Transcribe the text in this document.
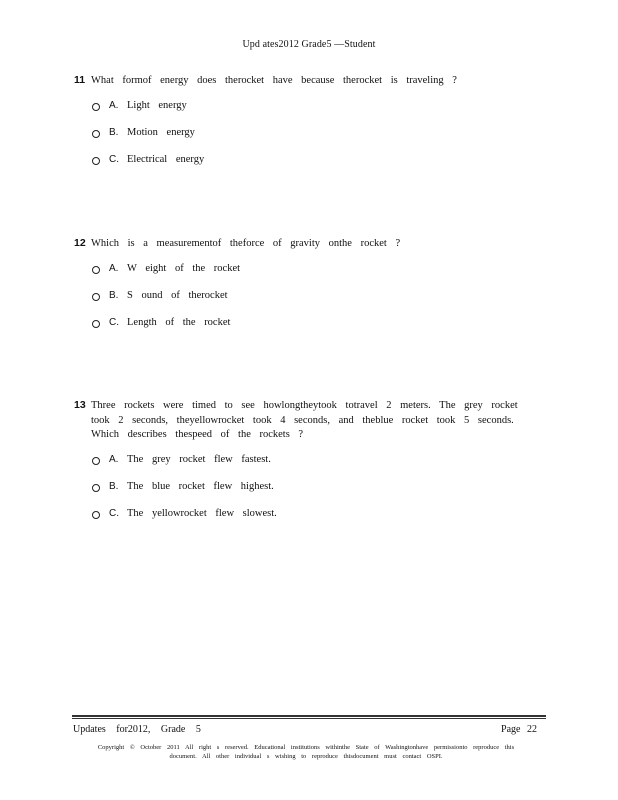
Upd ates2012 Grade5 —Student
11 What formof energy does therocket have because therocket is traveling ?
A. Light energy
B. Motion energy
C. Electrical energy
12 Which is a measurementof theforce of gravity onthe rocket ?
A. W eight of the rocket
B. S ound of therocket
C. Length of the rocket
13 Three rockets were timed to see howlongtheytook totravel 2 meters. The grey rocket took 2 seconds, theyellowrocket took 4 seconds, and theblue rocket took 5 seconds. Which describes thespeed of the rockets ?
A. The grey rocket flew fastest.
B. The blue rocket flew highest.
C. The yellowrocket flew slowest.
Updates for2012, Grade 5	Page 22
Copyright © October 2011 All right s reserved. Educational institutions withinthe State of Washingtonhave permissionto reproduce this document. All other individual s wishing to reproduce thisdocument must contact OSPI.
